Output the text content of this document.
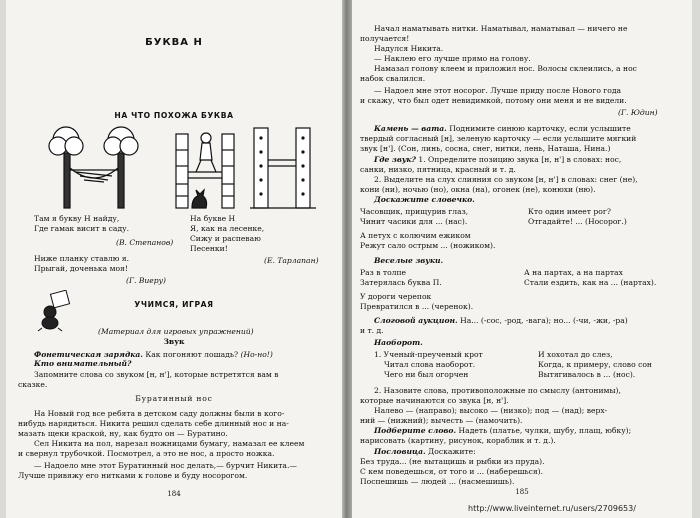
БУКВА Н
НА ЧТО ПОХОЖА БУКВА
Там я букву Н найду,
Где гамак висит в саду.
(В. Степанов)
На букве Н
Я, как на лесенке,
Сижу и распеваю
Песенки!
(Е. Тарлапан)
Ниже планку ставлю я.
Прыгай, доченька моя!
(Г. Виеру)
УЧИМСЯ, ИГРАЯ
(Материал для игровых упражнений)
Звук
Фонетическая зарядка. Как погоняют лошадь? (Но-но!)
Кто внимательный?
Запомните слова со звуком [н, н'], которые встретятся вам в
сказке.
Буратинный нос
На Новый год все ребята в детском саду должны были в кого-
нибудь нарядиться. Никита решил сделать себе длинный нос и на-
мазать щеки краской, ну, как будто он — Буратино.
Сел Никита на пол, нарезал ножницами бумагу, намазал ее клеем
и свернул трубочкой. Посмотрел, а это не нос, а просто ножка.
— Надоело мне этот Буратинный нос делать,— бурчит Никита.—
Лучше привяжу его нитками к голове и буду носорогом.
184
Начал наматывать нитки. Наматывал, наматывал — ничего не
получается!
Надулся Никита.
— Наклею его лучше прямо на голову.
Намазал голову клеем и приложил нос. Волосы склеились, а нос
набок свалился.
— Надоел мне этот носорог. Лучше приду после Нового года
и скажу, что был одет невидимкой, потому они меня и не видели.
(Г. Юдин)
Камень — вата. Поднимите синюю карточку, если услышите
твердый согласный [н], зеленую карточку — если услышите мягкий
звук [н']. (Сон, линь, сосна, снег, нитки, лень, Наташа, Нина.)
Где звук? 1. Определите позицию звука [н, н'] в словах: нос,
санки, низко, пятница, красный и т. д.
2. Выделите на слух слияния со звуком [н, н'] в словах: снег (не),
кони (ни), ночью (но), окна (на), огонек (не), конюхи (ню).
Доскажите словечко.
Часовщик, прищурив глаз,
Чинит часики для ... (нас).
Кто один имеет рог?
Отгадайте! ... (Носорог.)
А петух с колючим ежиком
Режут сало острым ... (ножиком).
Веселые звуки.
Раз в толпе
Затерялась буква П.
А на партах, а на партах
Стали ездить, как на ... (нартах).
У дороги черепок
Превратился в ... (черенок).
Слоговой аукцион. На... (-сос, -род, -вага); но... (-чи, -жи, -ра)
и т. д.
Наоборот.
1. Ученый-преученый крот
Читал слова наоборот.
Чего ни был огорчен
И хохотал до слез,
Когда, к примеру, слово сон
Вытягивалось в ... (нос).
2. Назовите слова, противоположные по смыслу (антонимы),
которые начинаются со звука [н, н'].
Налево — (направо); высоко — (низко); под — (над); верх-
ний — (нижний); вычесть — (намочить).
Подберите слово. Надеть (платье, чулки, шубу, плащ, юбку);
нарисовать (картину, рисунок, кораблик и т. д.).
Пословица. Доскажите:
Без труда... (не вытащишь и рыбки из пруда).
С кем поведешься, от того и ... (наберешься).
Поспешишь — людей ... (насмешишь).
185
http://www.liveinternet.ru/users/2709653/
